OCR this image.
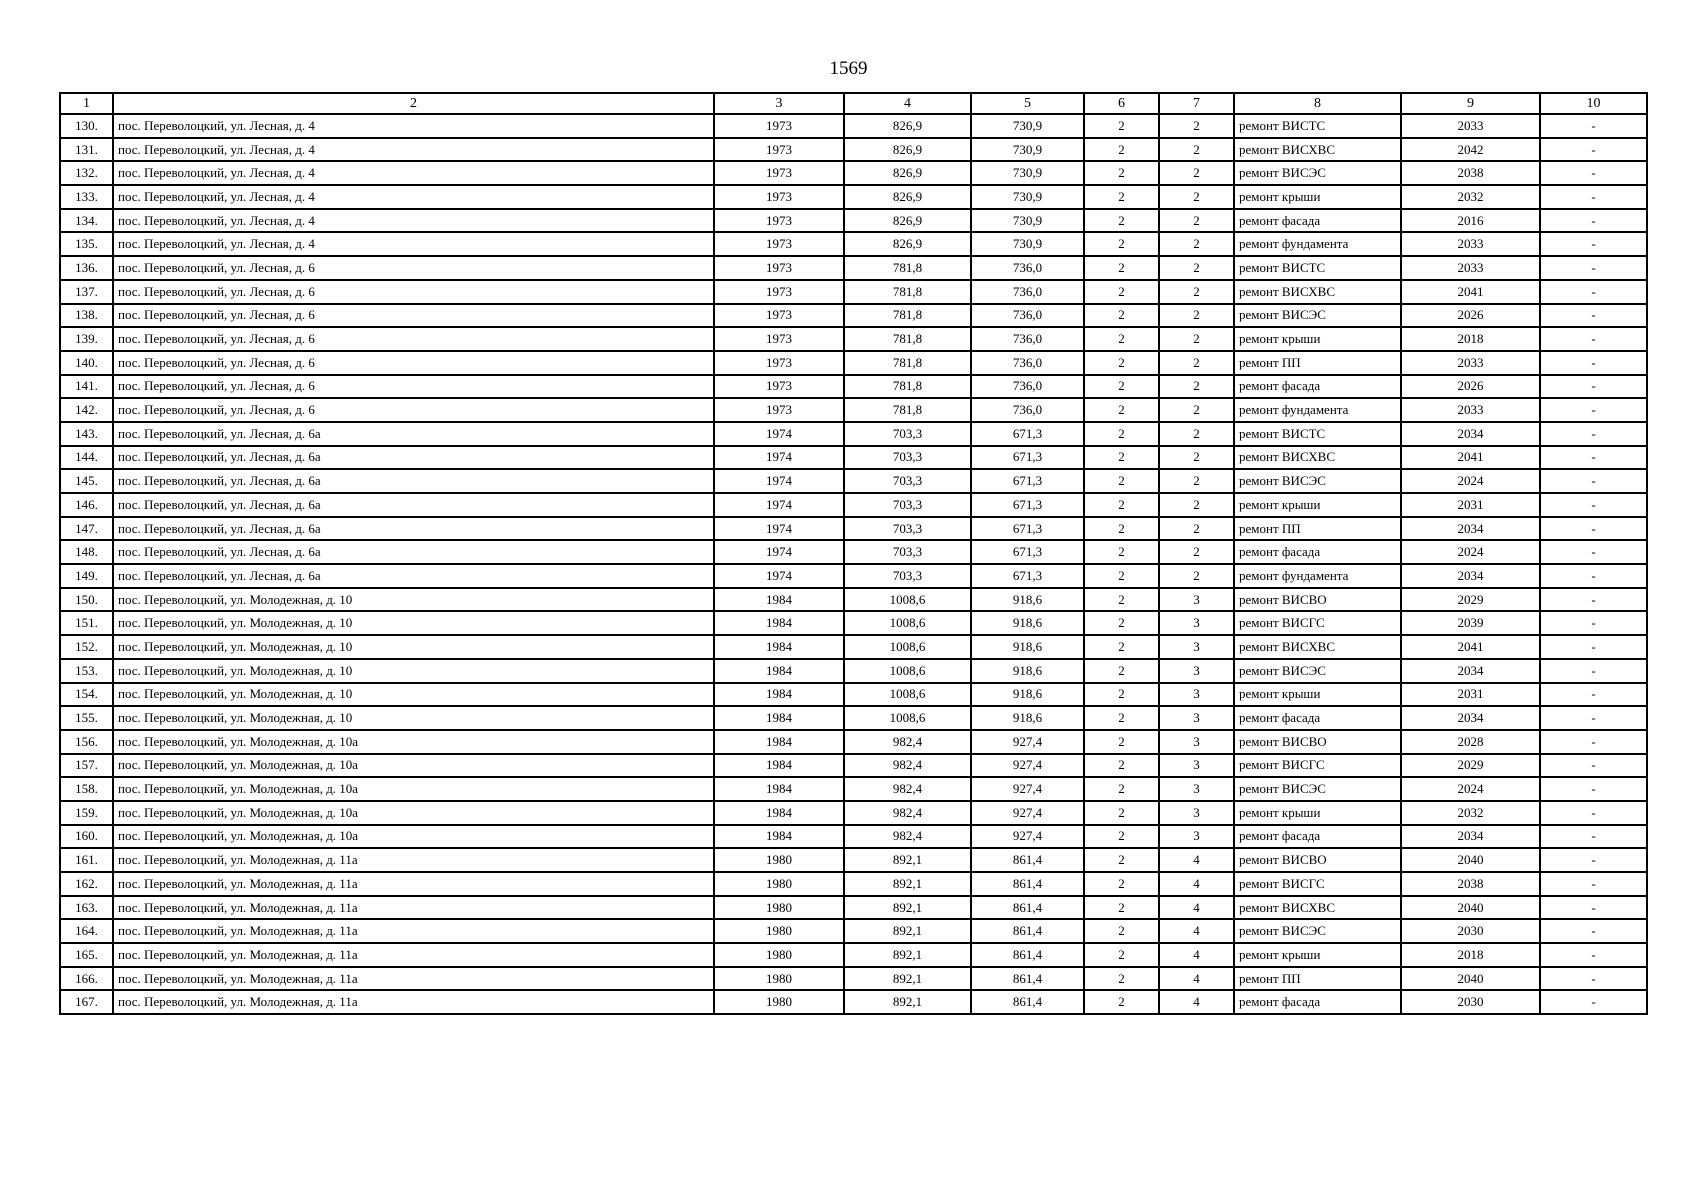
1569
1	2	3	4	5	6	7	8	9	10
130.	пос. Переволоцкий, ул. Лесная, д. 4	1973	826,9	730,9	2	2	ремонт ВИСТС	2033	-
131.	пос. Переволоцкий, ул. Лесная, д. 4	1973	826,9	730,9	2	2	ремонт ВИСХВС	2042	-
132.	пос. Переволоцкий, ул. Лесная, д. 4	1973	826,9	730,9	2	2	ремонт ВИСЭС	2038	-
133.	пос. Переволоцкий, ул. Лесная, д. 4	1973	826,9	730,9	2	2	ремонт крыши	2032	-
134.	пос. Переволоцкий, ул. Лесная, д. 4	1973	826,9	730,9	2	2	ремонт фасада	2016	-
135.	пос. Переволоцкий, ул. Лесная, д. 4	1973	826,9	730,9	2	2	ремонт фундамента	2033	-
136.	пос. Переволоцкий, ул. Лесная, д. 6	1973	781,8	736,0	2	2	ремонт ВИСТС	2033	-
137.	пос. Переволоцкий, ул. Лесная, д. 6	1973	781,8	736,0	2	2	ремонт ВИСХВС	2041	-
138.	пос. Переволоцкий, ул. Лесная, д. 6	1973	781,8	736,0	2	2	ремонт ВИСЭС	2026	-
139.	пос. Переволоцкий, ул. Лесная, д. 6	1973	781,8	736,0	2	2	ремонт крыши	2018	-
140.	пос. Переволоцкий, ул. Лесная, д. 6	1973	781,8	736,0	2	2	ремонт ПП	2033	-
141.	пос. Переволоцкий, ул. Лесная, д. 6	1973	781,8	736,0	2	2	ремонт фасада	2026	-
142.	пос. Переволоцкий, ул. Лесная, д. 6	1973	781,8	736,0	2	2	ремонт фундамента	2033	-
143.	пос. Переволоцкий, ул. Лесная, д. 6а	1974	703,3	671,3	2	2	ремонт ВИСТС	2034	-
144.	пос. Переволоцкий, ул. Лесная, д. 6а	1974	703,3	671,3	2	2	ремонт ВИСХВС	2041	-
145.	пос. Переволоцкий, ул. Лесная, д. 6а	1974	703,3	671,3	2	2	ремонт ВИСЭС	2024	-
146.	пос. Переволоцкий, ул. Лесная, д. 6а	1974	703,3	671,3	2	2	ремонт крыши	2031	-
147.	пос. Переволоцкий, ул. Лесная, д. 6а	1974	703,3	671,3	2	2	ремонт ПП	2034	-
148.	пос. Переволоцкий, ул. Лесная, д. 6а	1974	703,3	671,3	2	2	ремонт фасада	2024	-
149.	пос. Переволоцкий, ул. Лесная, д. 6а	1974	703,3	671,3	2	2	ремонт фундамента	2034	-
150.	пос. Переволоцкий, ул. Молодежная, д. 10	1984	1008,6	918,6	2	3	ремонт ВИСВО	2029	-
151.	пос. Переволоцкий, ул. Молодежная, д. 10	1984	1008,6	918,6	2	3	ремонт ВИСГС	2039	-
152.	пос. Переволоцкий, ул. Молодежная, д. 10	1984	1008,6	918,6	2	3	ремонт ВИСХВС	2041	-
153.	пос. Переволоцкий, ул. Молодежная, д. 10	1984	1008,6	918,6	2	3	ремонт ВИСЭС	2034	-
154.	пос. Переволоцкий, ул. Молодежная, д. 10	1984	1008,6	918,6	2	3	ремонт крыши	2031	-
155.	пос. Переволоцкий, ул. Молодежная, д. 10	1984	1008,6	918,6	2	3	ремонт фасада	2034	-
156.	пос. Переволоцкий, ул. Молодежная, д. 10а	1984	982,4	927,4	2	3	ремонт ВИСВО	2028	-
157.	пос. Переволоцкий, ул. Молодежная, д. 10а	1984	982,4	927,4	2	3	ремонт ВИСГС	2029	-
158.	пос. Переволоцкий, ул. Молодежная, д. 10а	1984	982,4	927,4	2	3	ремонт ВИСЭС	2024	-
159.	пос. Переволоцкий, ул. Молодежная, д. 10а	1984	982,4	927,4	2	3	ремонт крыши	2032	-
160.	пос. Переволоцкий, ул. Молодежная, д. 10а	1984	982,4	927,4	2	3	ремонт фасада	2034	-
161.	пос. Переволоцкий, ул. Молодежная, д. 11а	1980	892,1	861,4	2	4	ремонт ВИСВО	2040	-
162.	пос. Переволоцкий, ул. Молодежная, д. 11а	1980	892,1	861,4	2	4	ремонт ВИСГС	2038	-
163.	пос. Переволоцкий, ул. Молодежная, д. 11а	1980	892,1	861,4	2	4	ремонт ВИСХВС	2040	-
164.	пос. Переволоцкий, ул. Молодежная, д. 11а	1980	892,1	861,4	2	4	ремонт ВИСЭС	2030	-
165.	пос. Переволоцкий, ул. Молодежная, д. 11а	1980	892,1	861,4	2	4	ремонт крыши	2018	-
166.	пос. Переволоцкий, ул. Молодежная, д. 11а	1980	892,1	861,4	2	4	ремонт ПП	2040	-
167.	пос. Переволоцкий, ул. Молодежная, д. 11а	1980	892,1	861,4	2	4	ремонт фасада	2030	-
